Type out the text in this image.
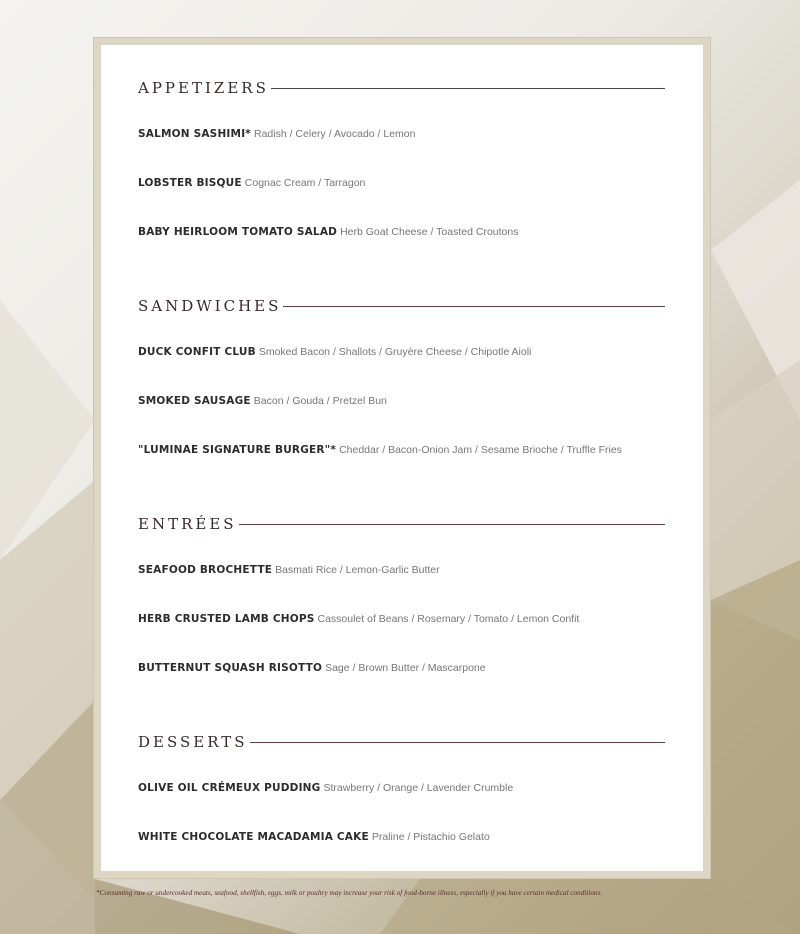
APPETIZERS
SALMON SASHIMI* Radish / Celery / Avocado / Lemon
LOBSTER BISQUE Cognac Cream / Tarragon
BABY HEIRLOOM TOMATO SALAD Herb Goat Cheese / Toasted Croutons
SANDWICHES
DUCK CONFIT CLUB Smoked Bacon / Shallots / Gruyère Cheese / Chipotle Aioli
SMOKED SAUSAGE Bacon / Gouda / Pretzel Bun
"LUMINAE SIGNATURE BURGER"* Cheddar / Bacon-Onion Jam / Sesame Brioche / Truffle Fries
ENTRÉES
SEAFOOD BROCHETTE Basmati Rice / Lemon-Garlic Butter
HERB CRUSTED LAMB CHOPS Cassoulet of Beans / Rosemary / Tomato / Lemon Confit
BUTTERNUT SQUASH RISOTTO Sage / Brown Butter / Mascarpone
DESSERTS
OLIVE OIL CRÉMEUX PUDDING Strawberry / Orange / Lavender Crumble
WHITE CHOCOLATE MACADAMIA CAKE Praline / Pistachio Gelato
*Consuming raw or undercooked meats, seafood, shellfish, eggs, milk or poultry may increase your risk of food-borne illness, especially if you have certain medical conditions.
